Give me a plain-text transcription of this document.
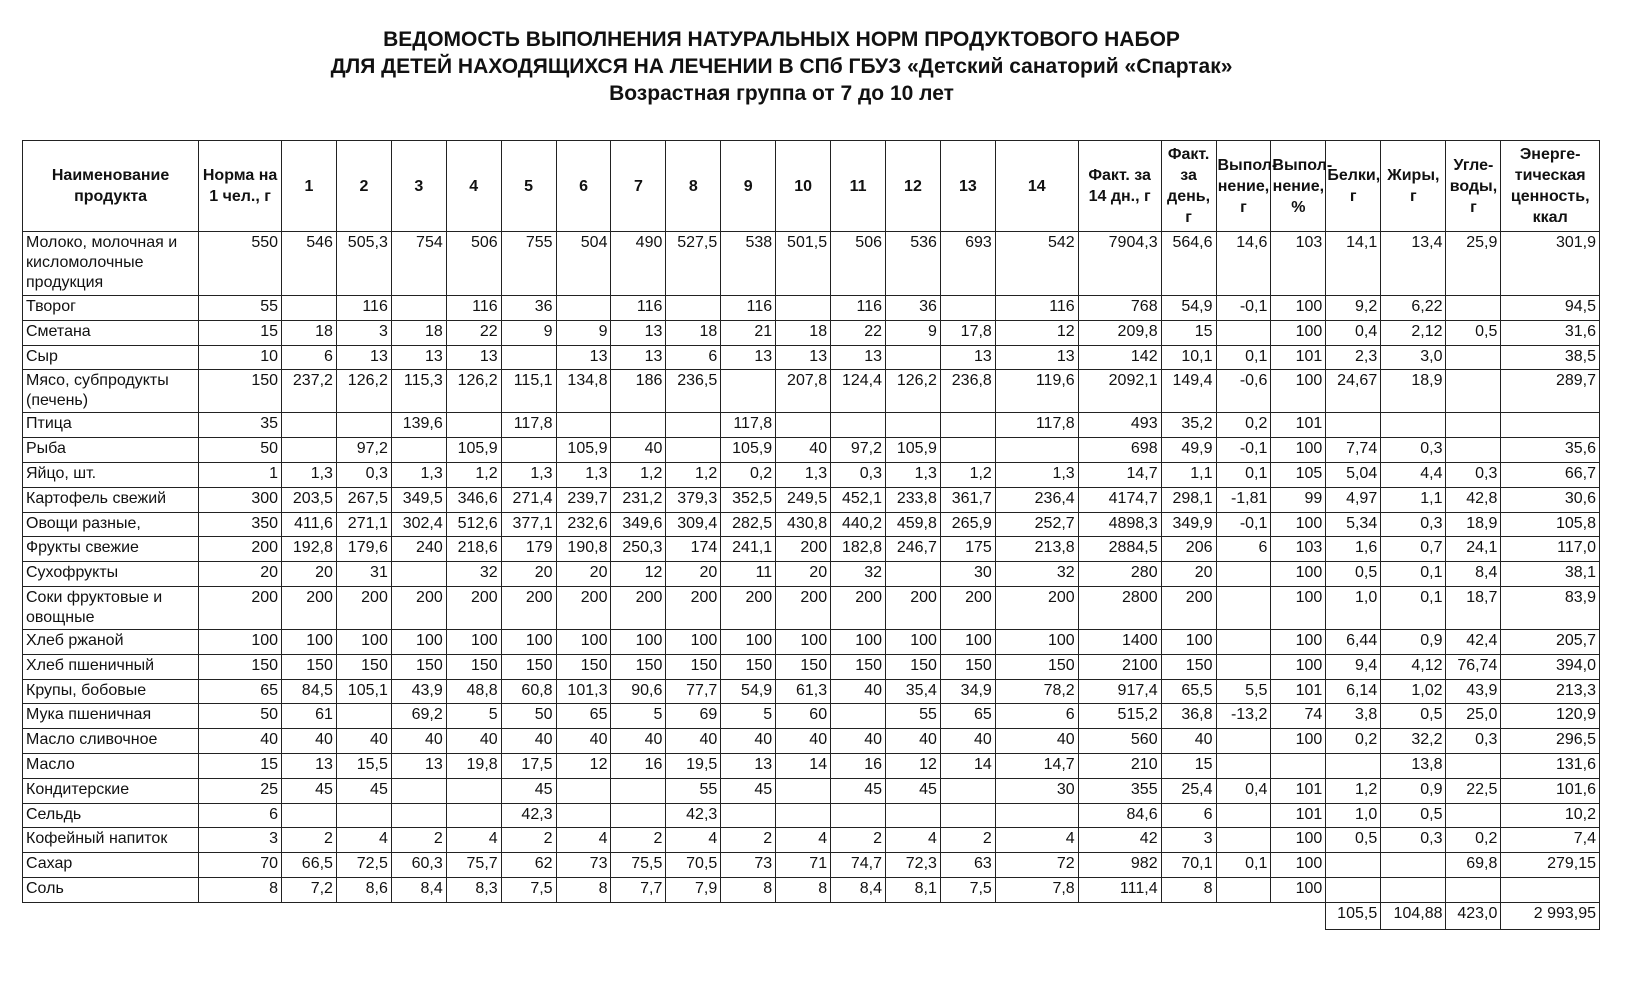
ВЕДОМОСТЬ ВЫПОЛНЕНИЯ НАТУРАЛЬНЫХ НОРМ ПРОДУКТОВОГО НАБОР
ДЛЯ ДЕТЕЙ НАХОДЯЩИХСЯ НА ЛЕЧЕНИИ В СПб ГБУЗ «Детский санаторий «Спартак»
Возрастная группа от 7 до 10 лет
Наименование продукта	Норма на 1 чел., г	1	2	3	4	5	6	7	8	9	10	11	12	13	14	Факт. за 14 дн., г	Факт. за день, г	Выпол-нение, г	Выпол-нение, %	Белки, г	Жиры, г	Угле-воды, г	Энерге-тическая ценность, ккал
Молоко, молочная и кисломолочные продукция	550	546	505,3	754	506	755	504	490	527,5	538	501,5	506	536	693	542	7904,3	564,6	14,6	103	14,1	13,4	25,9	301,9
Творог	55		116		116	36		116		116		116	36		116	768	54,9	-0,1	100	9,2	6,22		94,5
Сметана	15	18	3	18	22	9	9	13	18	21	18	22	9	17,8	12	209,8	15		100	0,4	2,12	0,5	31,6
Сыр	10	6	13	13	13		13	13	6	13	13	13		13	13	142	10,1	0,1	101	2,3	3,0		38,5
Мясо, субпродукты (печень)	150	237,2	126,2	115,3	126,2	115,1	134,8	186	236,5		207,8	124,4	126,2	236,8	119,6	2092,1	149,4	-0,6	100	24,67	18,9		289,7
Птица	35			139,6		117,8				117,8					117,8	493	35,2	0,2	101				
Рыба	50		97,2		105,9		105,9	40		105,9	40	97,2	105,9			698	49,9	-0,1	100	7,74	0,3		35,6
Яйцо, шт.	1	1,3	0,3	1,3	1,2	1,3	1,3	1,2	1,2	0,2	1,3	0,3	1,3	1,2	1,3	14,7	1,1	0,1	105	5,04	4,4	0,3	66,7
Картофель свежий	300	203,5	267,5	349,5	346,6	271,4	239,7	231,2	379,3	352,5	249,5	452,1	233,8	361,7	236,4	4174,7	298,1	-1,81	99	4,97	1,1	42,8	30,6
Овощи разные,	350	411,6	271,1	302,4	512,6	377,1	232,6	349,6	309,4	282,5	430,8	440,2	459,8	265,9	252,7	4898,3	349,9	-0,1	100	5,34	0,3	18,9	105,8
Фрукты свежие	200	192,8	179,6	240	218,6	179	190,8	250,3	174	241,1	200	182,8	246,7	175	213,8	2884,5	206	6	103	1,6	0,7	24,1	117,0
Сухофрукты	20	20	31		32	20	20	12	20	11	20	32		30	32	280	20		100	0,5	0,1	8,4	38,1
Соки фруктовые и овощные	200	200	200	200	200	200	200	200	200	200	200	200	200	200	200	2800	200		100	1,0	0,1	18,7	83,9
Хлеб ржаной	100	100	100	100	100	100	100	100	100	100	100	100	100	100	100	1400	100		100	6,44	0,9	42,4	205,7
Хлеб пшеничный	150	150	150	150	150	150	150	150	150	150	150	150	150	150	150	2100	150		100	9,4	4,12	76,74	394,0
Крупы, бобовые	65	84,5	105,1	43,9	48,8	60,8	101,3	90,6	77,7	54,9	61,3	40	35,4	34,9	78,2	917,4	65,5	5,5	101	6,14	1,02	43,9	213,3
Мука пшеничная	50	61		69,2	5	50	65	5	69	5	60		55	65	6	515,2	36,8	-13,2	74	3,8	0,5	25,0	120,9
Масло сливочное	40	40	40	40	40	40	40	40	40	40	40	40	40	40	40	560	40		100	0,2	32,2	0,3	296,5
Масло	15	13	15,5	13	19,8	17,5	12	16	19,5	13	14	16	12	14	14,7	210	15				13,8		131,6
Кондитерские	25	45	45			45			55	45		45	45		30	355	25,4	0,4	101	1,2	0,9	22,5	101,6
Сельдь	6					42,3			42,3							84,6	6		101	1,0	0,5		10,2
Кофейный напиток	3	2	4	2	4	2	4	2	4	2	4	2	4	2	4	42	3		100	0,5	0,3	0,2	7,4
Сахар	70	66,5	72,5	60,3	75,7	62	73	75,5	70,5	73	71	74,7	72,3	63	72	982	70,1	0,1	100			69,8	279,15
Соль	8	7,2	8,6	8,4	8,3	7,5	8	7,7	7,9	8	8	8,4	8,1	7,5	7,8	111,4	8		100				
																				105,5	104,88	423,0	2 993,95
